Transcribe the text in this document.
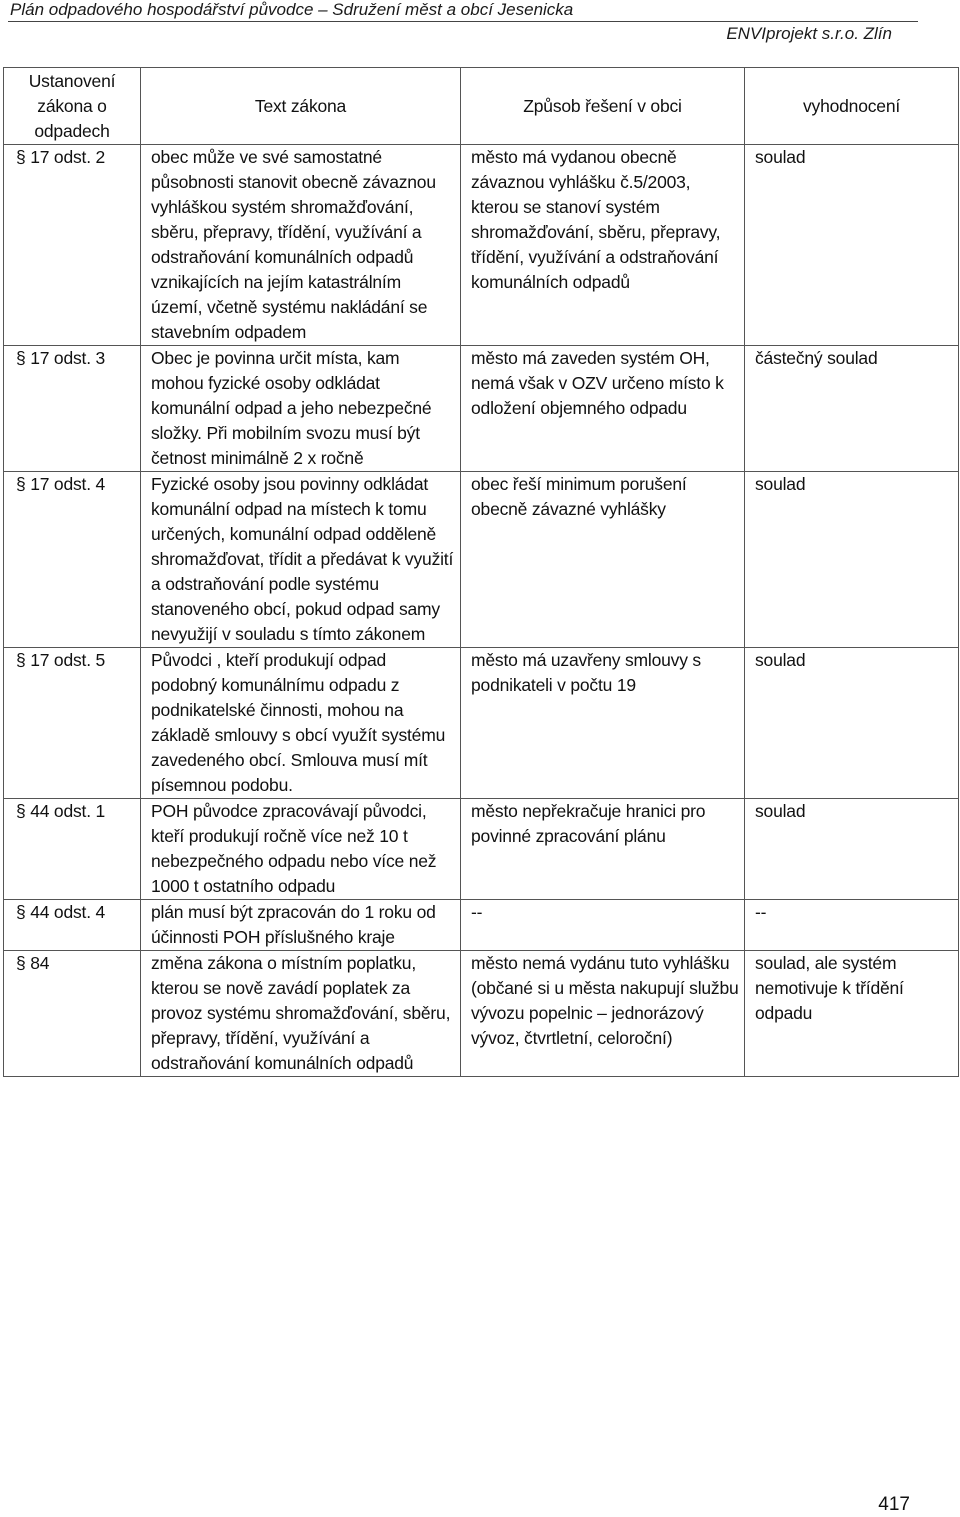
Plán odpadového hospodářství původce – Sdružení měst a obcí Jesenicka
ENVIprojekt s.r.o. Zlín
Ustanovení zákona o odpadech	Text zákona	Způsob řešení v obci	vyhodnocení
§ 17 odst. 2	obec může ve své samostatné působnosti stanovit obecně závaznou vyhláškou systém shromažďování, sběru, přepravy, třídění, využívání a odstraňování komunálních odpadů vznikajících na jejím katastrálním území, včetně systému nakládání se stavebním odpadem	město má vydanou obecně závaznou vyhlášku č.5/2003, kterou se stanoví systém shromažďování, sběru, přepravy, třídění, využívání a odstraňování komunálních odpadů	soulad
§ 17 odst. 3	Obec je povinna určit místa, kam mohou fyzické osoby odkládat komunální odpad a jeho nebezpečné složky. Při mobilním svozu musí být četnost minimálně 2 x ročně	město má zaveden systém OH, nemá však v OZV určeno místo k odložení objemného odpadu	částečný soulad
§ 17 odst. 4	Fyzické osoby jsou povinny odkládat komunální odpad na místech k tomu určených, komunální odpad odděleně shromažďovat, třídit a předávat k využití a odstraňování podle systému stanoveného obcí, pokud odpad samy nevyužijí v souladu s tímto zákonem	obec řeší minimum porušení obecně závazné vyhlášky	soulad
§ 17 odst. 5	Původci , kteří produkují odpad podobný komunálnímu odpadu z podnikatelské činnosti, mohou na základě smlouvy s obcí využít systému zavedeného obcí. Smlouva musí mít písemnou podobu.	město má uzavřeny smlouvy s podnikateli v počtu 19	soulad
§ 44 odst. 1	POH původce zpracovávají původci, kteří produkují ročně více než 10 t nebezpečného odpadu nebo více než 1000 t ostatního odpadu	město nepřekračuje hranici pro povinné zpracování plánu	soulad
§ 44 odst. 4	plán musí být zpracován do 1 roku od účinnosti POH příslušného kraje	--	--
§ 84	změna zákona o místním poplatku, kterou se nově zavádí poplatek za provoz systému shromažďování, sběru, přepravy, třídění, využívání a odstraňování komunálních odpadů	město nemá vydánu tuto vyhlášku (občané si u města nakupují službu vývozu popelnic – jednorázový vývoz, čtvrtletní, celoroční)	soulad, ale systém nemotivuje k třídění odpadu
417
